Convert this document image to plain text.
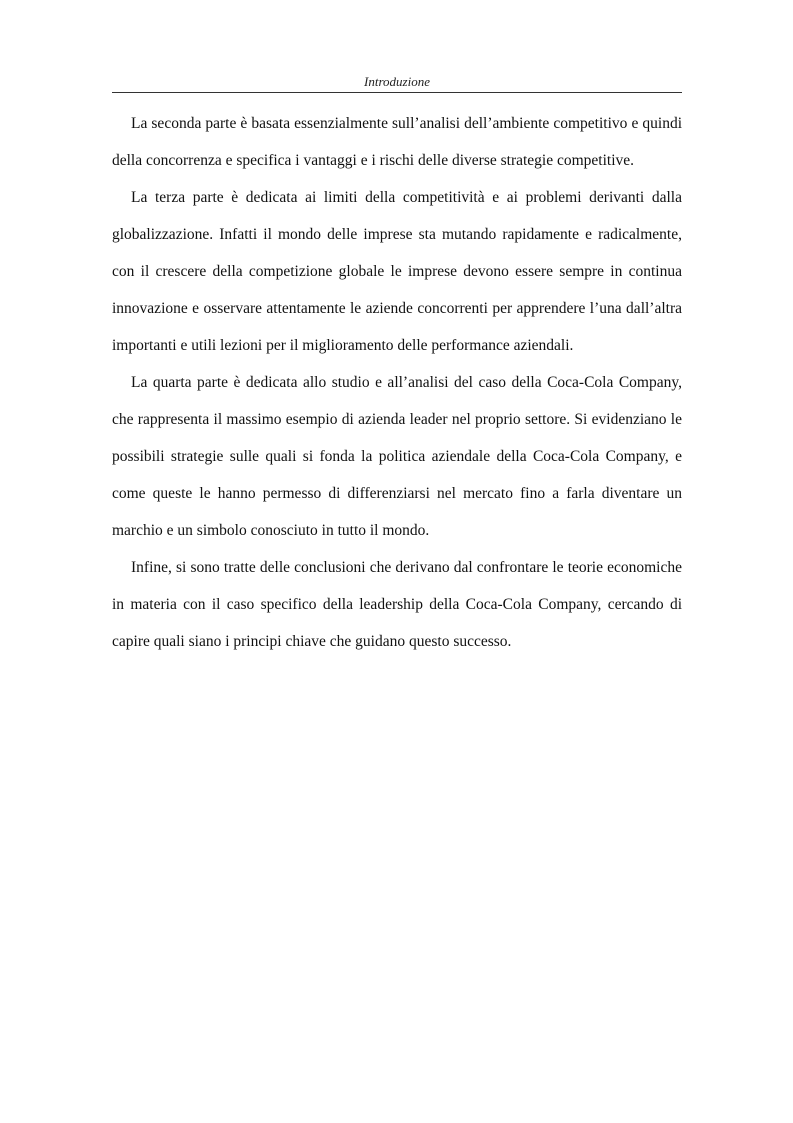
Introduzione

La seconda parte è basata essenzialmente sull’analisi dell’ambiente competitivo e quindi della concorrenza e specifica i vantaggi e i rischi delle diverse strategie competitive.

La terza parte è dedicata ai limiti della competitività e ai problemi derivanti dalla globalizzazione. Infatti il mondo delle imprese sta mutando rapidamente e radicalmente, con il crescere della competizione globale le imprese devono essere sempre in continua innovazione e osservare attentamente le aziende concorrenti per apprendere l’una dall’altra importanti e utili lezioni per il miglioramento delle performance aziendali.

La quarta parte è dedicata allo studio e all’analisi del caso della Coca-Cola Company, che rappresenta il massimo esempio di azienda leader nel proprio settore. Si evidenziano le possibili strategie sulle quali si fonda la politica aziendale della Coca-Cola Company, e come queste le hanno permesso di differenziarsi nel mercato fino a farla diventare un marchio e un simbolo conosciuto in tutto il mondo.

Infine, si sono tratte delle conclusioni che derivano dal confrontare le teorie economiche in materia con il caso specifico della leadership della Coca-Cola Company, cercando di capire quali siano i principi chiave che guidano questo successo.
